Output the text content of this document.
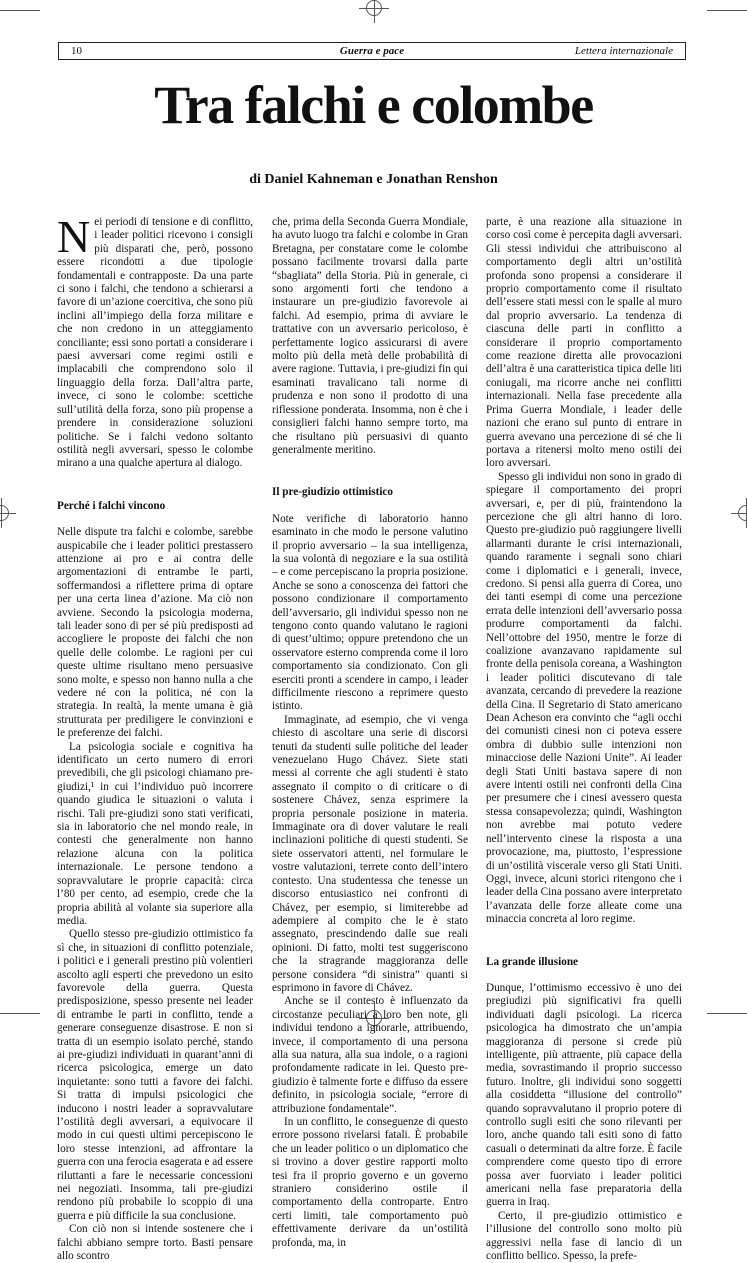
10	Guerra e pace	Lettera internazionale
Tra falchi e colombe
di Daniel Kahneman e Jonathan Renshon

Nei periodi di tensione e di conflitto, i leader politici ricevono i consigli più disparati che, però, possono essere ricondotti a due tipologie fondamentali e contrapposte. Da una parte ci sono i falchi, che tendono a schierarsi a favore di un’azione coercitiva, che sono più inclini all’impiego della forza militare e che non credono in un atteggiamento conciliante; essi sono portati a considerare i paesi avversari come regimi ostili e implacabili che comprendono solo il linguaggio della forza. Dall’altra parte, invece, ci sono le colombe: scettiche sull’utilità della forza, sono più propense a prendere in considerazione soluzioni politiche. Se i falchi vedono soltanto ostilità negli avversari, spesso le colombe mirano a una qualche apertura al dialogo.

Perché i falchi vincono

Nelle dispute tra falchi e colombe, sarebbe auspicabile che i leader politici prestassero attenzione ai pro e ai contra delle argomentazioni di entrambe le parti, soffermandosi a riflettere prima di optare per una certa linea d’azione. Ma ciò non avviene. Secondo la psicologia moderna, tali leader sono di per sé più predisposti ad accogliere le proposte dei falchi che non quelle delle colombe. Le ragioni per cui queste ultime risultano meno persuasive sono molte, e spesso non hanno nulla a che vedere né con la politica, né con la strategia. In realtà, la mente umana è già strutturata per prediligere le convinzioni e le preferenze dei falchi.

La psicologia sociale e cognitiva ha identificato un certo numero di errori prevedibili, che gli psicologi chiamano pre-giudizi,¹ in cui l’individuo può incorrere quando giudica le situazioni o valuta i rischi. Tali pre-giudizi sono stati verificati, sia in laboratorio che nel mondo reale, in contesti che generalmente non hanno relazione alcuna con la politica internazionale. Le persone tendono a sopravvalutare le proprie capacità: circa l’80 per cento, ad esempio, crede che la propria abilità al volante sia superiore alla media.

Quello stesso pre-giudizio ottimistico fa sì che, in situazioni di conflitto potenziale, i politici e i generali prestino più volentieri ascolto agli esperti che prevedono un esito favorevole della guerra. Questa predisposizione, spesso presente nei leader di entrambe le parti in conflitto, tende a generare conseguenze disastrose. E non si tratta di un esempio isolato perché, stando ai pre-giudizi individuati in quarant’anni di ricerca psicologica, emerge un dato inquietante: sono tutti a favore dei falchi. Si tratta di impulsi psicologici che inducono i nostri leader a sopravvalutare l’ostilità degli avversari, a equivocare il modo in cui questi ultimi percepiscono le loro stesse intenzioni, ad affrontare la guerra con una ferocia esagerata e ad essere riluttanti a fare le necessarie concessioni nei negoziati. Insomma, tali pre-giudizi rendono più probabile lo scoppio di una guerra e più difficile la sua conclusione.

Con ciò non si intende sostenere che i falchi abbiano sempre torto. Basti pensare allo scontro

che, prima della Seconda Guerra Mondiale, ha avuto luogo tra falchi e colombe in Gran Bretagna, per constatare come le colombe possano facilmente trovarsi dalla parte “sbagliata” della Storia. Più in generale, ci sono argomenti forti che tendono a instaurare un pre-giudizio favorevole ai falchi. Ad esempio, prima di avviare le trattative con un avversario pericoloso, è perfettamente logico assicurarsi di avere molto più della metà delle probabilità di avere ragione. Tuttavia, i pre-giudizi fin qui esaminati travalicano tali norme di prudenza e non sono il prodotto di una riflessione ponderata. Insomma, non è che i consiglieri falchi hanno sempre torto, ma che risultano più persuasivi di quanto generalmente meritino.

Il pre-giudizio ottimistico

Note verifiche di laboratorio hanno esaminato in che modo le persone valutino il proprio avversario – la sua intelligenza, la sua volontà di negoziare e la sua ostilità – e come percepiscano la propria posizione. Anche se sono a conoscenza dei fattori che possono condizionare il comportamento dell’avversario, gli individui spesso non ne tengono conto quando valutano le ragioni di quest’ultimo; oppure pretendono che un osservatore esterno comprenda come il loro comportamento sia condizionato. Con gli eserciti pronti a scendere in campo, i leader difficilmente riescono a reprimere questo istinto.

Immaginate, ad esempio, che vi venga chiesto di ascoltare una serie di discorsi tenuti da studenti sulle politiche del leader venezuelano Hugo Chávez. Siete stati messi al corrente che agli studenti è stato assegnato il compito o di criticare o di sostenere Chávez, senza esprimere la propria personale posizione in materia. Immaginate ora di dover valutare le reali inclinazioni politiche di questi studenti. Se siete osservatori attenti, nel formulare le vostre valutazioni, terrete conto dell’intero contesto. Una studentessa che tenesse un discorso entusiastico nei confronti di Chávez, per esempio, si limiterebbe ad adempiere al compito che le è stato assegnato, prescindendo dalle sue reali opinioni. Di fatto, molti test suggeriscono che la stragrande maggioranza delle persone considera “di sinistra” quanti si esprimono in favore di Chávez.

Anche se il contesto è influenzato da circostanze peculiari a loro ben note, gli individui tendono a ignorarle, attribuendo, invece, il comportamento di una persona alla sua natura, alla sua indole, o a ragioni profondamente radicate in lei. Questo pre-giudizio è talmente forte e diffuso da essere definito, in psicologia sociale, “errore di attribuzione fondamentale”.

In un conflitto, le conseguenze di questo errore possono rivelarsi fatali. È probabile che un leader politico o un diplomatico che si trovino a dover gestire rapporti molto tesi fra il proprio governo e un governo straniero considerino ostile il comportamento della controparte. Entro certi limiti, tale comportamento può effettivamente derivare da un’ostilità profonda, ma, in

parte, è una reazione alla situazione in corso così come è percepita dagli avversari. Gli stessi individui che attribuiscono al comportamento degli altri un’ostilità profonda sono propensi a considerare il proprio comportamento come il risultato dell’essere stati messi con le spalle al muro dal proprio avversario. La tendenza di ciascuna delle parti in conflitto a considerare il proprio comportamento come reazione diretta alle provocazioni dell’altra è una caratteristica tipica delle liti coniugali, ma ricorre anche nei conflitti internazionali. Nella fase precedente alla Prima Guerra Mondiale, i leader delle nazioni che erano sul punto di entrare in guerra avevano una percezione di sé che li portava a ritenersi molto meno ostili dei loro avversari.

Spesso gli individui non sono in grado di spiegare il comportamento dei propri avversari, e, per di più, fraintendono la percezione che gli altri hanno di loro. Questo pre-giudizio può raggiungere livelli allarmanti durante le crisi internazionali, quando raramente i segnali sono chiari come i diplomatici e i generali, invece, credono. Si pensi alla guerra di Corea, uno dei tanti esempi di come una percezione errata delle intenzioni dell’avversario possa produrre comportamenti da falchi. Nell’ottobre del 1950, mentre le forze di coalizione avanzavano rapidamente sul fronte della penisola coreana, a Washington i leader politici discutevano di tale avanzata, cercando di prevedere la reazione della Cina. Il Segretario di Stato americano Dean Acheson era convinto che “agli occhi dei comunisti cinesi non ci poteva essere ombra di dubbio sulle intenzioni non minacciose delle Nazioni Unite”. Ai leader degli Stati Uniti bastava sapere di non avere intenti ostili nei confronti della Cina per presumere che i cinesi avessero questa stessa consapevolezza; quindi, Washington non avrebbe mai potuto vedere nell’intervento cinese la risposta a una provocazione, ma, piuttosto, l’espressione di un’ostilità viscerale verso gli Stati Uniti. Oggi, invece, alcuni storici ritengono che i leader della Cina possano avere interpretato l’avanzata delle forze alleate come una minaccia concreta al loro regime.

La grande illusione

Dunque, l’ottimismo eccessivo è uno dei pregiudizi più significativi fra quelli individuati dagli psicologi. La ricerca psicologica ha dimostrato che un’ampia maggioranza di persone si crede più intelligente, più attraente, più capace della media, sovrastimando il proprio successo futuro. Inoltre, gli individui sono soggetti alla cosiddetta “illusione del controllo” quando sopravvalutano il proprio potere di controllo sugli esiti che sono rilevanti per loro, anche quando tali esiti sono di fatto casuali o determinati da altre forze. È facile comprendere come questo tipo di errore possa aver fuorviato i leader politici americani nella fase preparatoria della guerra in Iraq.

Certo, il pre-giudizio ottimistico e l’illusione del controllo sono molto più aggressivi nella fase di lancio di un conflitto bellico. Spesso, la prefe-
